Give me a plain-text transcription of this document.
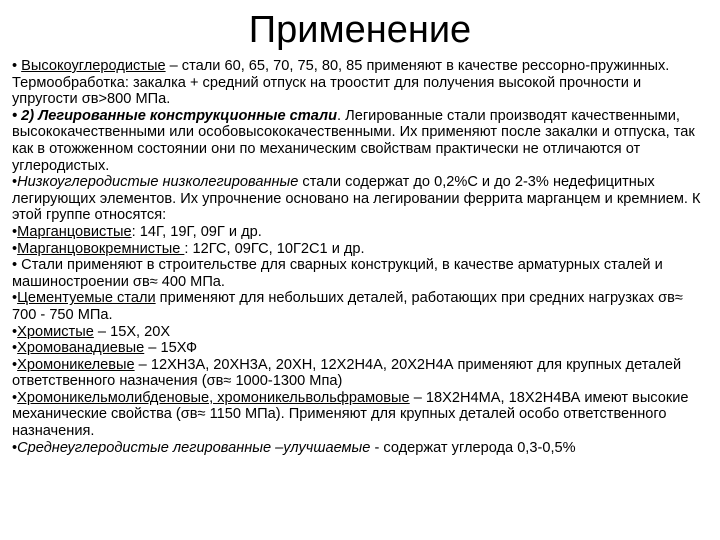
Применение

• Высокоуглеродистые – стали 60, 65, 70, 75, 80, 85 применяют в качестве рессорно-пружинных. Термообработка: закалка + средний отпуск на троостит для получения высокой прочности и упругости σв>800 МПа.

• 2) Легированные конструкционные стали. Легированные стали производят качественными, высококачественными или особовысококачественными. Их применяют после закалки и отпуска, так как в отожженном состоянии они по механическим свойствам практически не отличаются от углеродистых.

•Низкоуглеродистые низколегированные стали содержат до 0,2%С и до 2-3% недефицитных легирующих элементов. Их упрочнение основано на легировании феррита марганцем и кремнием. К этой группе относятся:

•Марганцовистые: 14Г, 19Г, 09Г и др.

•Марганцовокремнистые : 12ГС, 09ГС, 10Г2С1 и др.

• Стали применяют в строительстве для сварных конструкций, в качестве арматурных сталей и машиностроении σв≈ 400 МПа.

•Цементуемые стали применяют для небольших деталей, работающих при средних нагрузках σв≈ 700 - 750 МПа.

•Хромистые – 15Х, 20Х

•Хромованадиевые – 15ХФ

•Хромоникелевые – 12ХН3А, 20ХН3А, 20ХН, 12Х2Н4А, 20Х2Н4А применяют для крупных деталей ответственного назначения (σв≈ 1000-1300 Мпа)

•Хромоникельмолибденовые, хромоникельвольфрамовые – 18Х2Н4МА, 18Х2Н4ВА имеют высокие механические свойства (σв≈ 1150 МПа). Применяют для крупных деталей особо ответственного назначения.

•Среднеуглеродистые легированные –улучшаемые - содержат углерода 0,3-0,5%
